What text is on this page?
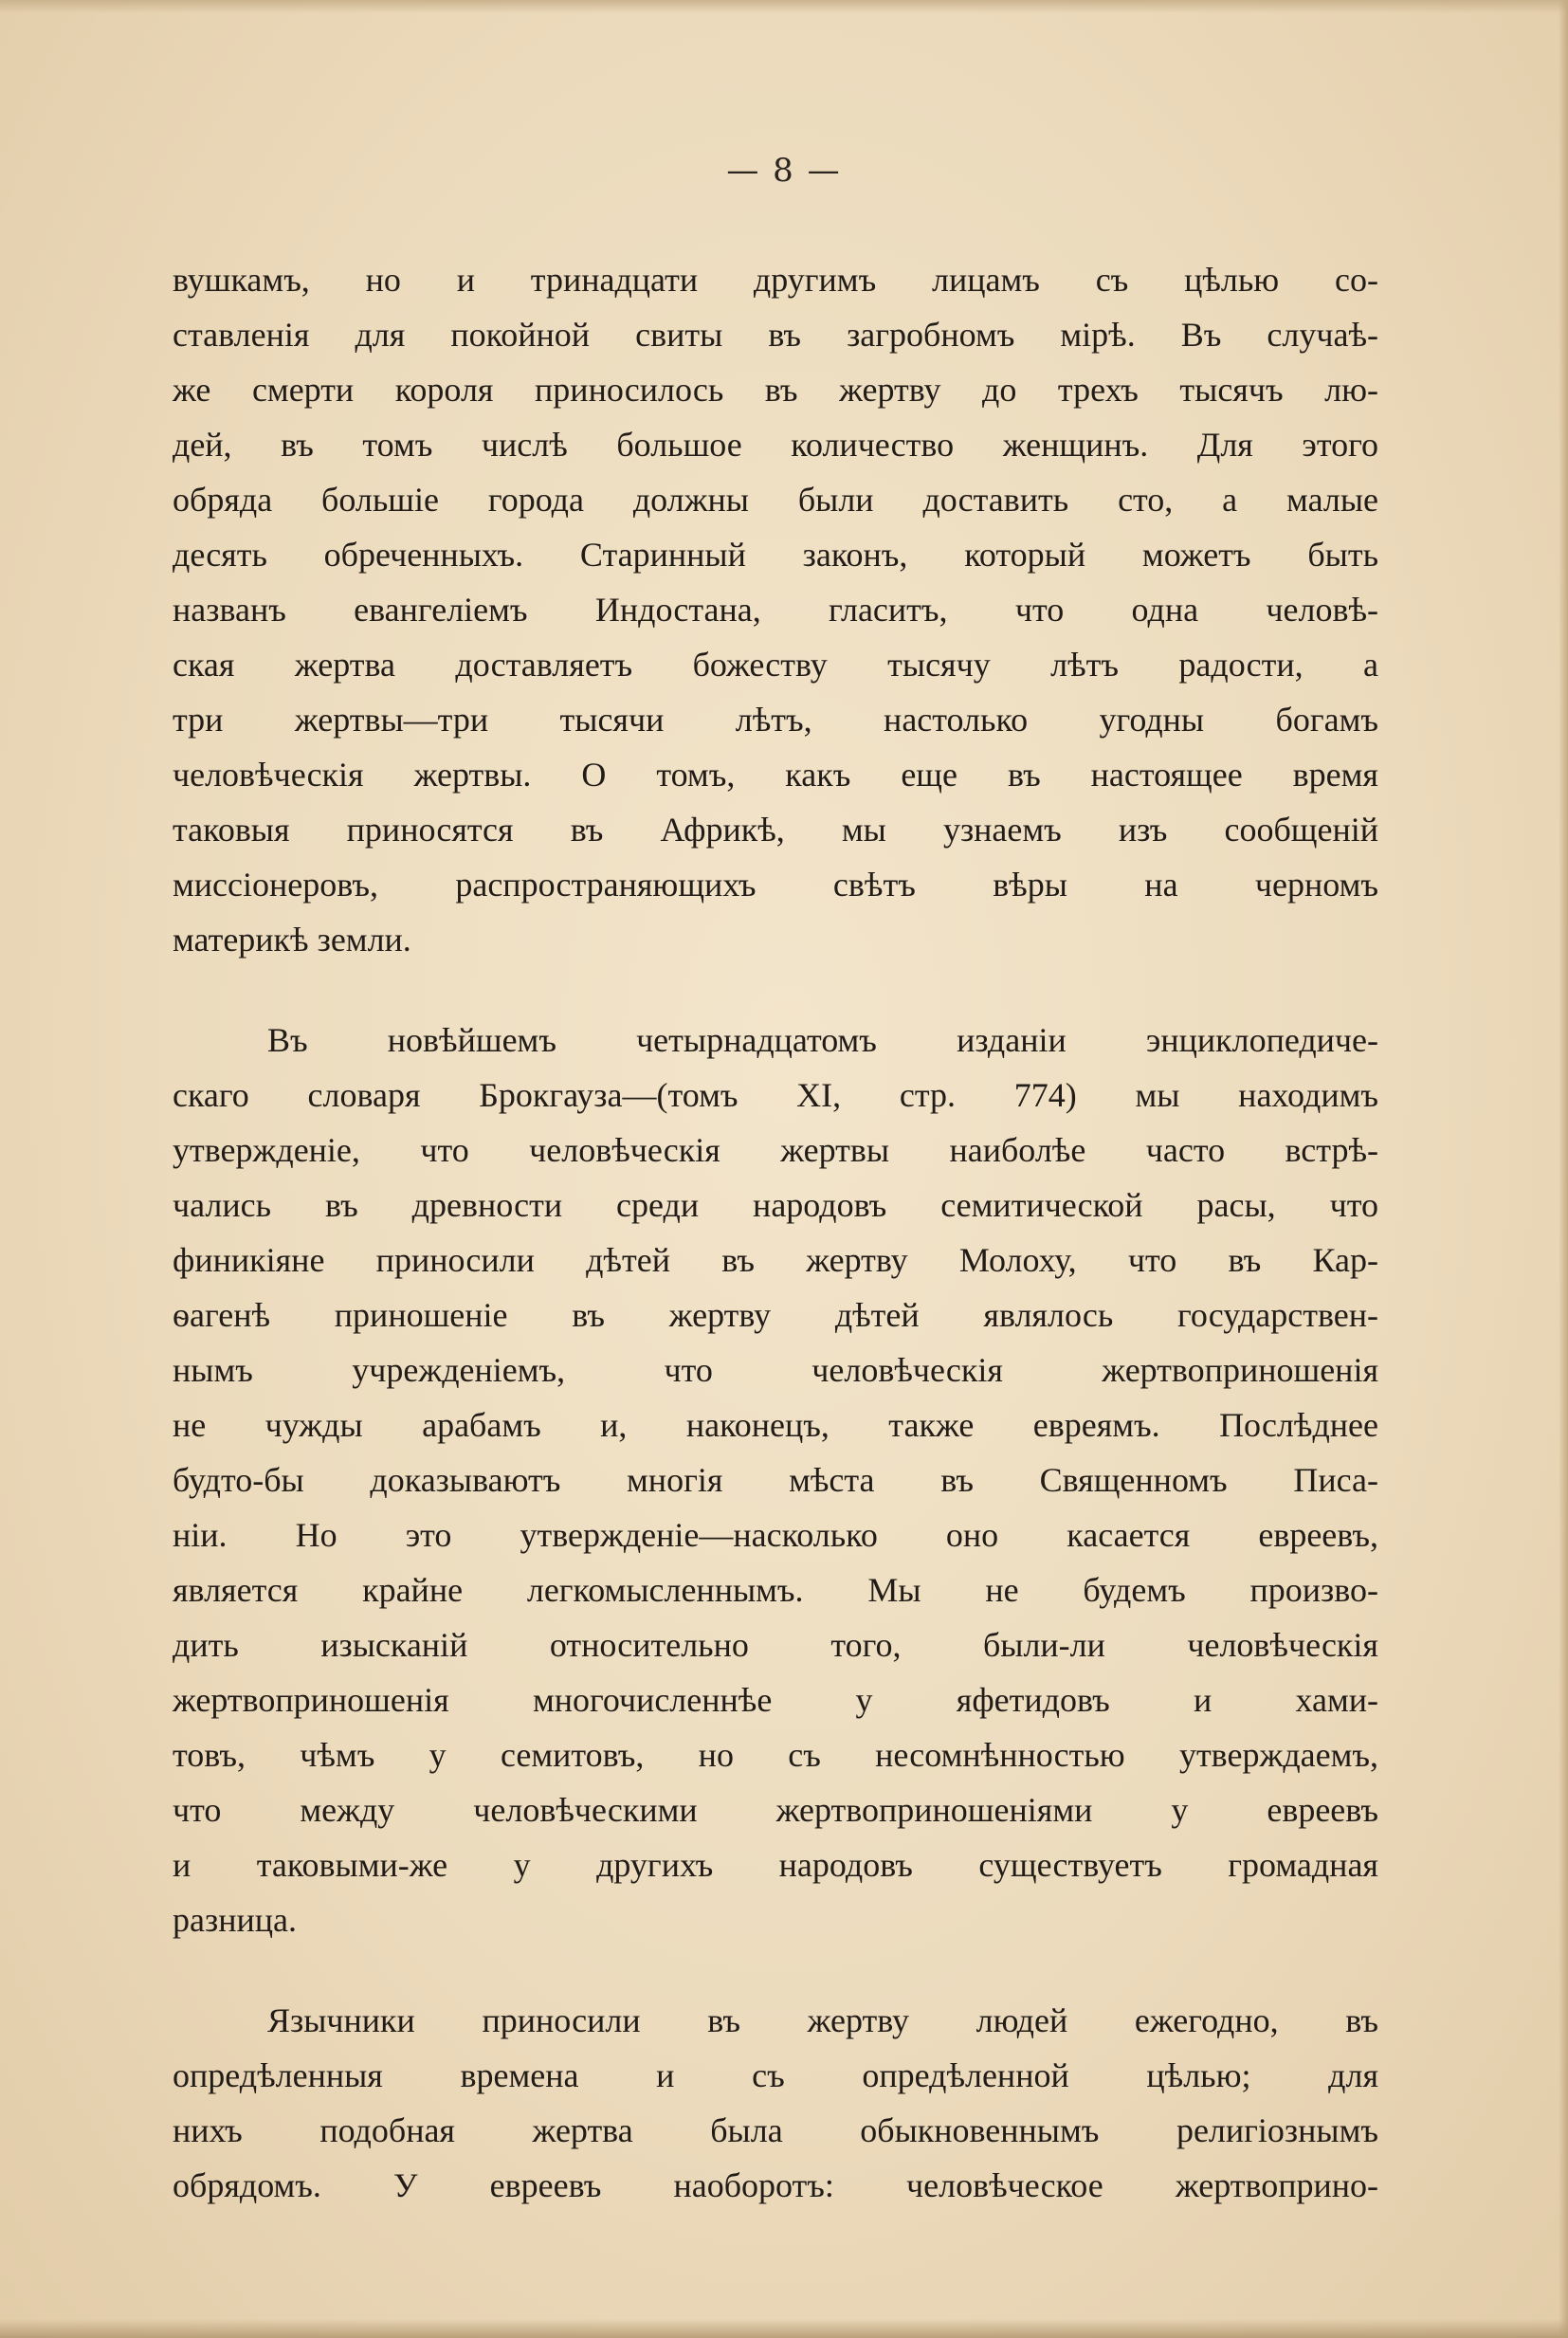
— 8 —
вушкамъ, но и тринадцати другимъ лицамъ съ цѣлью со-
ставленія для покойной свиты въ загробномъ мірѣ. Въ случаѣ-
же смерти короля приносилось въ жертву до трехъ тысячъ лю-
дей, въ томъ числѣ большое количество женщинъ. Для этого
обряда большіе города должны были доставить сто, а малые
десять обреченныхъ. Старинный законъ, который можетъ быть
названъ евангеліемъ Индостана, гласитъ, что одна человѣ-
ская жертва доставляетъ божеству тысячу лѣтъ радости, а
три жертвы—три тысячи лѣтъ, настолько угодны богамъ
человѣческія жертвы. О томъ, какъ еще въ настоящее время
таковыя приносятся въ Африкѣ, мы узнаемъ изъ сообщеній
миссіонеровъ, распространяющихъ свѣтъ вѣры на черномъ
материкѣ земли.
Въ новѣйшемъ четырнадцатомъ изданіи энциклопедиче-
скаго словаря Брокгауза—(томъ XI, стр. 774) мы находимъ
утвержденіе, что человѣческія жертвы наиболѣе часто встрѣ-
чались въ древности среди народовъ семитической расы, что
финикіяне приносили дѣтей въ жертву Молоху, что въ Кар-
ѳагенѣ приношеніе въ жертву дѣтей являлось государствен-
нымъ учрежденіемъ, что человѣческія жертвоприношенія
не чужды арабамъ и, наконецъ, также евреямъ. Послѣднее
будто-бы доказываютъ многія мѣста въ Священномъ Писа-
ніи. Но это утвержденіе—насколько оно касается евреевъ,
является крайне легкомысленнымъ. Мы не будемъ произво-
дить изысканій относительно того, были-ли человѣческія
жертвоприношенія многочисленнѣе у яфетидовъ и хами-
товъ, чѣмъ у семитовъ, но съ несомнѣнностью утверждаемъ,
что между человѣческими жертвоприношеніями у евреевъ
и таковыми-же у другихъ народовъ существуетъ громадная
разница.
Язычники приносили въ жертву людей ежегодно, въ
опредѣленныя времена и съ опредѣленной цѣлью; для
нихъ подобная жертва была обыкновеннымъ религіознымъ
обрядомъ. У евреевъ наоборотъ: человѣческое жертвоприно-
